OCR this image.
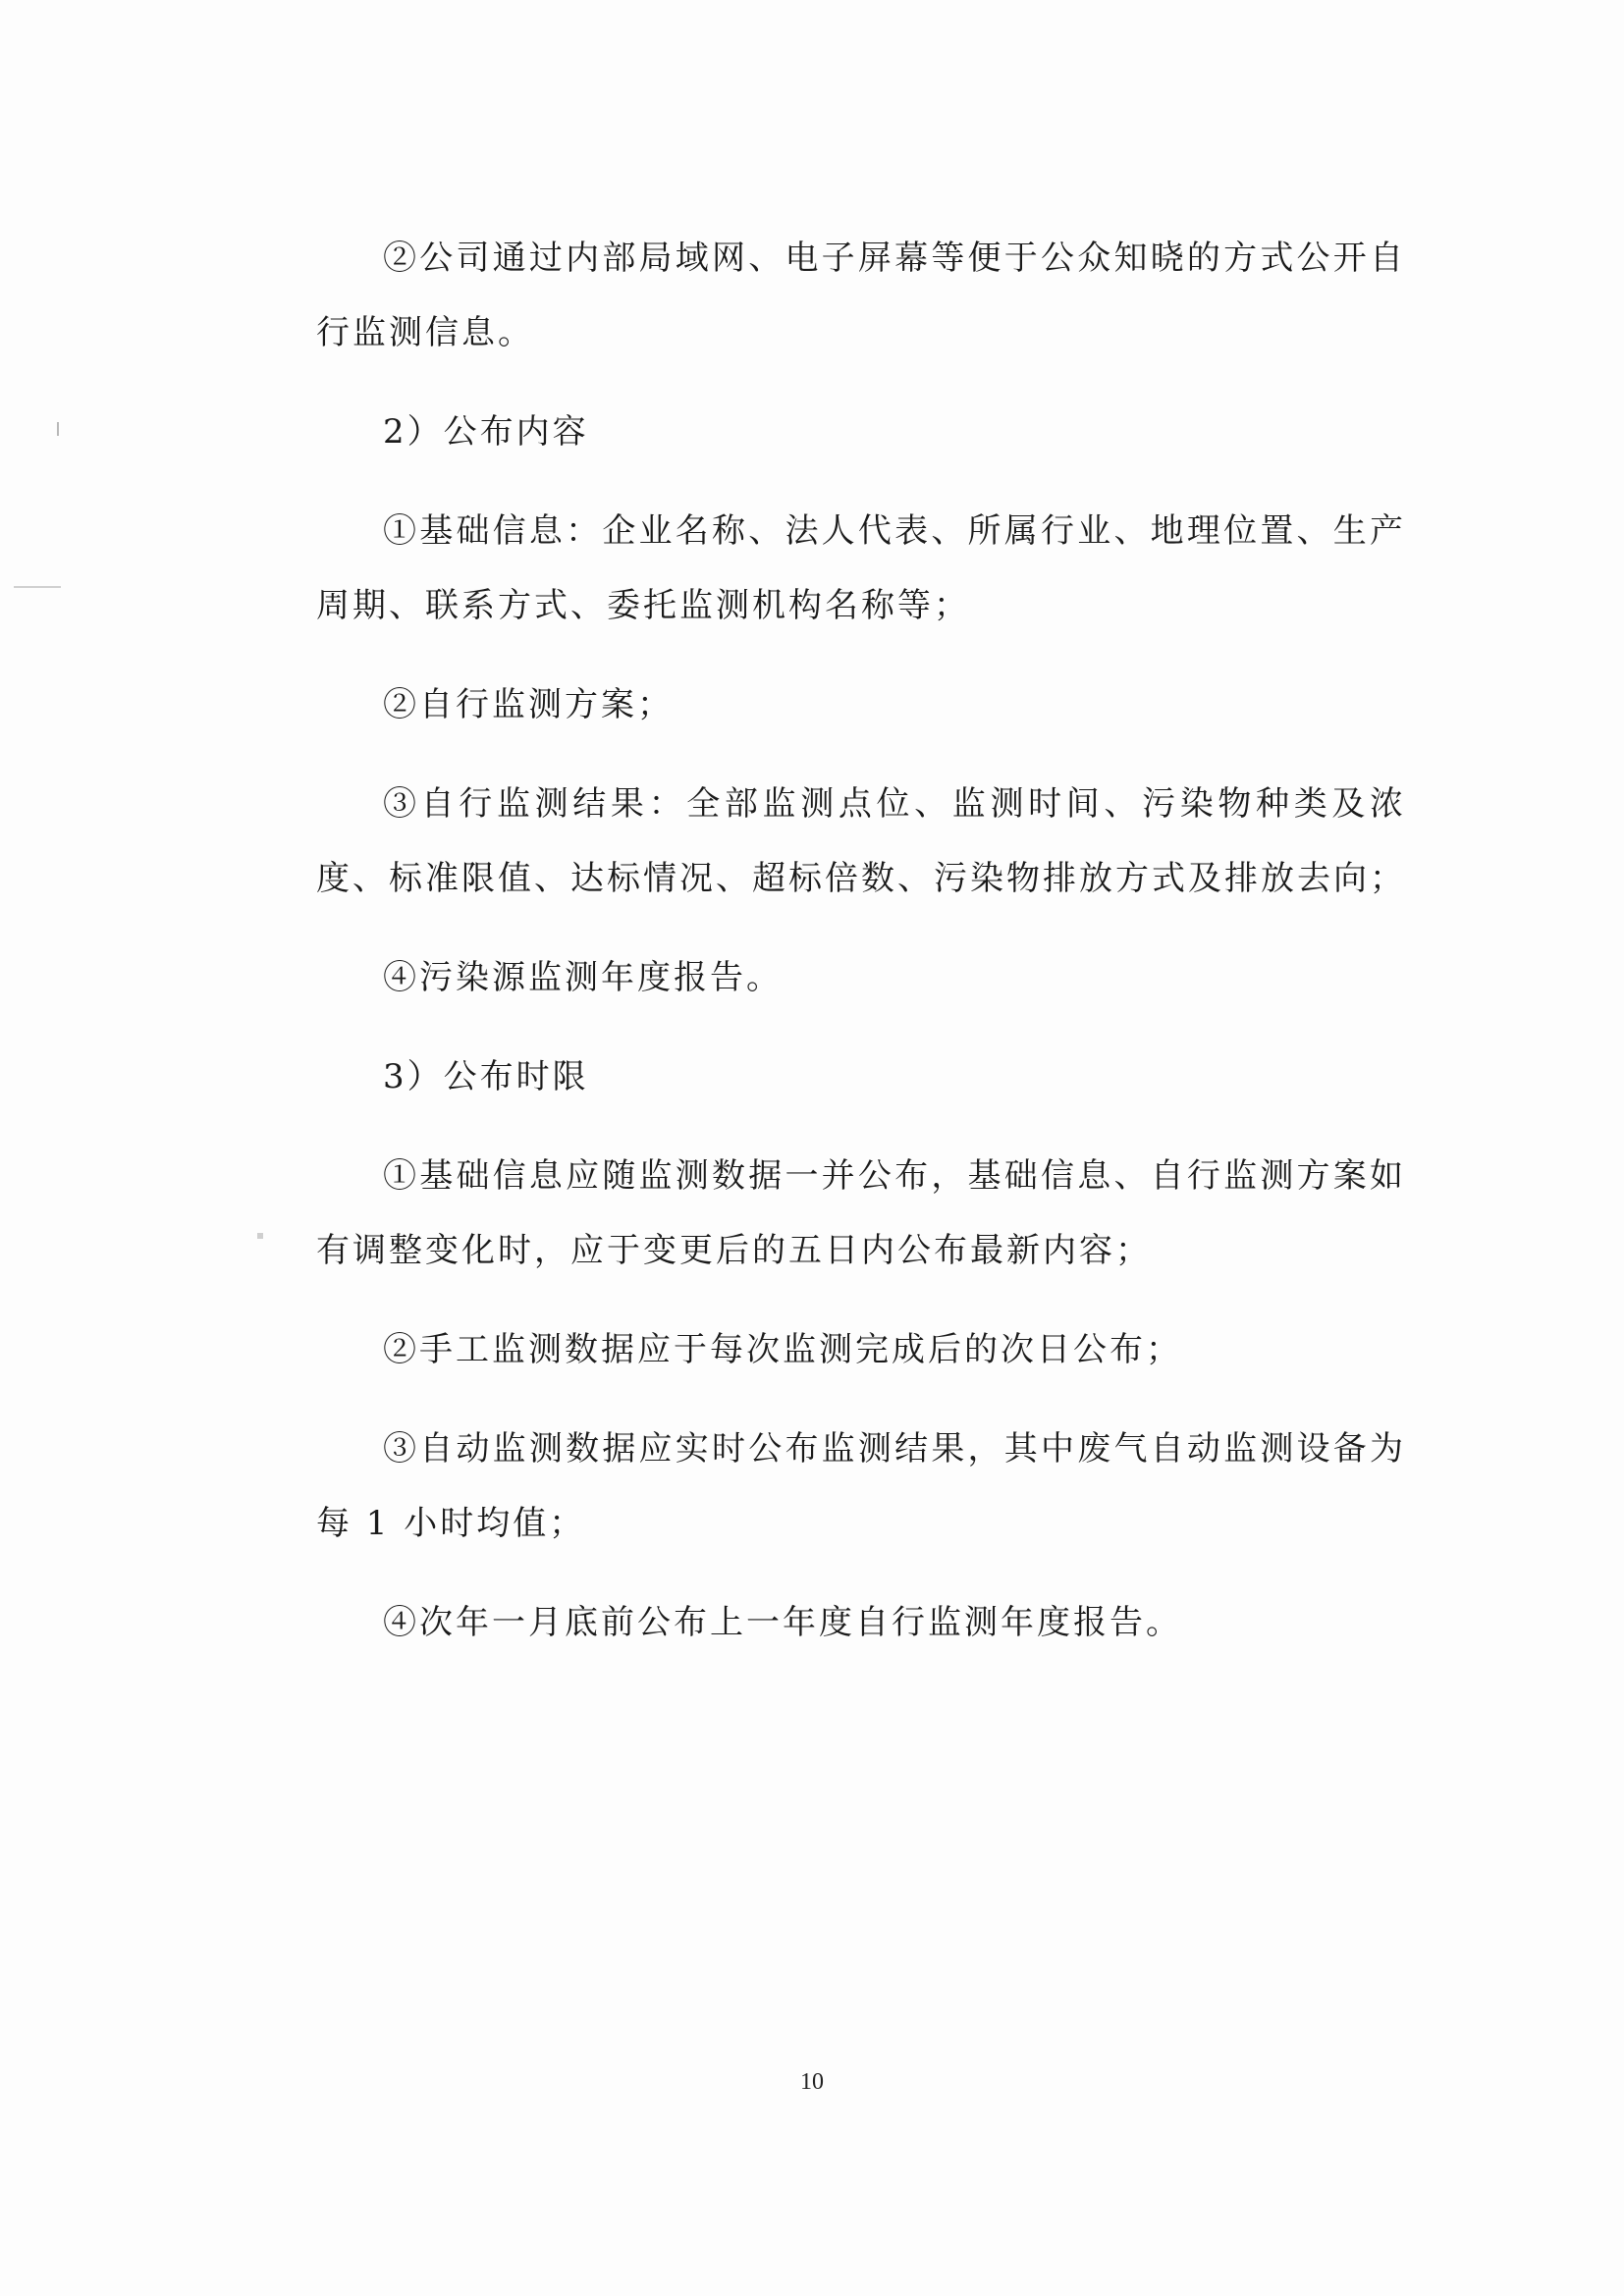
②公司通过内部局域网、电子屏幕等便于公众知晓的方式公开自行监测信息。

2）公布内容

①基础信息：企业名称、法人代表、所属行业、地理位置、生产周期、联系方式、委托监测机构名称等；

②自行监测方案；

③自行监测结果：全部监测点位、监测时间、污染物种类及浓度、标准限值、达标情况、超标倍数、污染物排放方式及排放去向；

④污染源监测年度报告。

3）公布时限

①基础信息应随监测数据一并公布，基础信息、自行监测方案如有调整变化时，应于变更后的五日内公布最新内容；

②手工监测数据应于每次监测完成后的次日公布；

③自动监测数据应实时公布监测结果，其中废气自动监测设备为每 1 小时均值；

④次年一月底前公布上一年度自行监测年度报告。

10
